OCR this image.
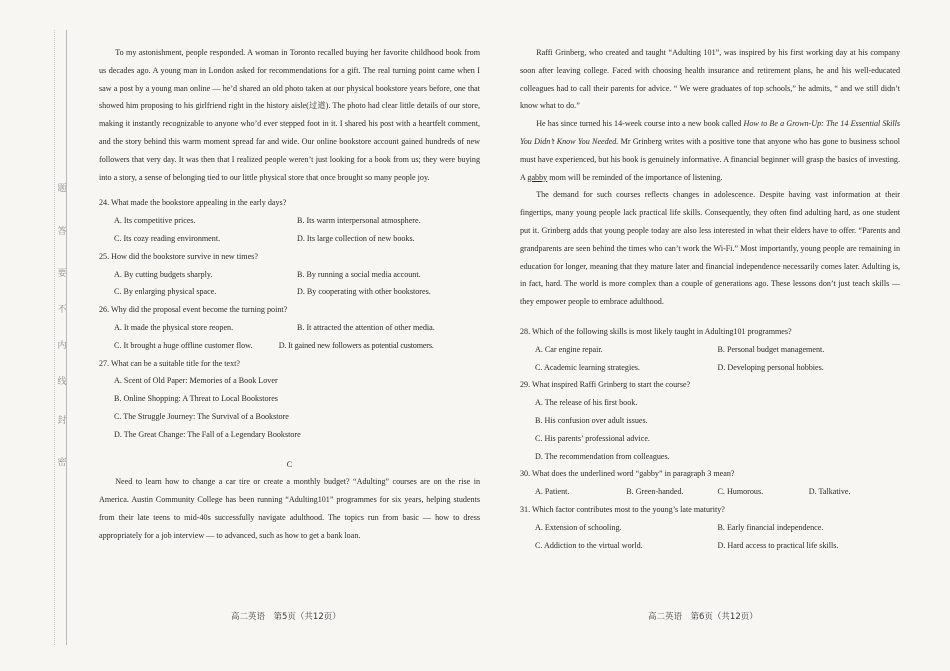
题
答
要
不
内
线
封
密

To my astonishment, people responded. A woman in Toronto recalled buying her favorite childhood book from us decades ago. A young man in London asked for recommendations for a gift. The real turning point came when I saw a post by a young man online — he’d shared an old photo taken at our physical bookstore years before, one that showed him proposing to his girlfriend right in the history aisle(过道). The photo had clear little details of our store, making it instantly recognizable to anyone who’d ever stepped foot in it. I shared his post with a heartfelt comment, and the story behind this warm moment spread far and wide. Our online bookstore account gained hundreds of new followers that very day. It was then that I realized people weren’t just looking for a book from us; they were buying into a story, a sense of belonging tied to our little physical store that once brought so many people joy.

24. What made the bookstore appealing in the early days?

A. Its competitive prices.	B. Its warm interpersonal atmosphere.

C. Its cozy reading environment.	D. Its large collection of new books.

25. How did the bookstore survive in new times?

A. By cutting budgets sharply.	B. By running a social media account.

C. By enlarging physical space.	D. By cooperating with other bookstores.

26. Why did the proposal event become the turning point?

A. It made the physical store reopen.	B. It attracted the attention of other media.

C. It brought a huge offline customer flow.	D. It gained new followers as potential customers.

27. What can be a suitable title for the text?

A. Scent of Old Paper: Memories of a Book Lover

B. Online Shopping: A Threat to Local Bookstores

C. The Struggle Journey: The Survival of a Bookstore

D. The Great Change: The Fall of a Legendary Bookstore

C

Need to learn how to change a car tire or create a monthly budget? “Adulting” courses are on the rise in America. Austin Community College has been running “Adulting101” programmes for six years, helping students from their late teens to mid-40s successfully navigate adulthood. The topics run from basic — how to dress appropriately for a job interview — to advanced, such as how to get a bank loan.

高二英语　第5页（共12页）

Raffi Grinberg, who created and taught “Adulting 101”, was inspired by his first working day at his company soon after leaving college. Faced with choosing health insurance and retirement plans, he and his well-educated colleagues had to call their parents for advice. “ We were graduates of top schools,” he admits, “ and we still didn’t know what to do.”

He has since turned his 14-week course into a new book called How to Be a Grown-Up: The 14 Essential Skills You Didn’t Know You Needed. Mr Grinberg writes with a positive tone that anyone who has gone to business school must have experienced, but his book is genuinely informative. A financial beginner will grasp the basics of investing. A gabby mom will be reminded of the importance of listening.

The demand for such courses reflects changes in adolescence. Despite having vast information at their fingertips, many young people lack practical life skills. Consequently, they often find adulting hard, as one student put it. Grinberg adds that young people today are also less interested in what their elders have to offer. “Parents and grandparents are seen behind the times who can’t work the Wi-Fi.” Most importantly, young people are remaining in education for longer, meaning that they mature later and financial independence necessarily comes later. Adulting is, in fact, hard. The world is more complex than a couple of generations ago. These lessons don’t just teach skills — they empower people to embrace adulthood.

28. Which of the following skills is most likely taught in Adulting101 programmes?

A. Car engine repair.	B. Personal budget management.

C. Academic learning strategies.	D. Developing personal hobbies.

29. What inspired Raffi Grinberg to start the course?

A. The release of his first book.

B. His confusion over adult issues.

C. His parents’ professional advice.

D. The recommendation from colleagues.

30. What does the underlined word “gabby” in paragraph 3 mean?

A. Patient.	B. Green-handed.	C. Humorous.	D. Talkative.

31. Which factor contributes most to the young’s late maturity?

A. Extension of schooling.	B. Early financial independence.

C. Addiction to the virtual world.	D. Hard access to practical life skills.

高二英语　第6页（共12页）
